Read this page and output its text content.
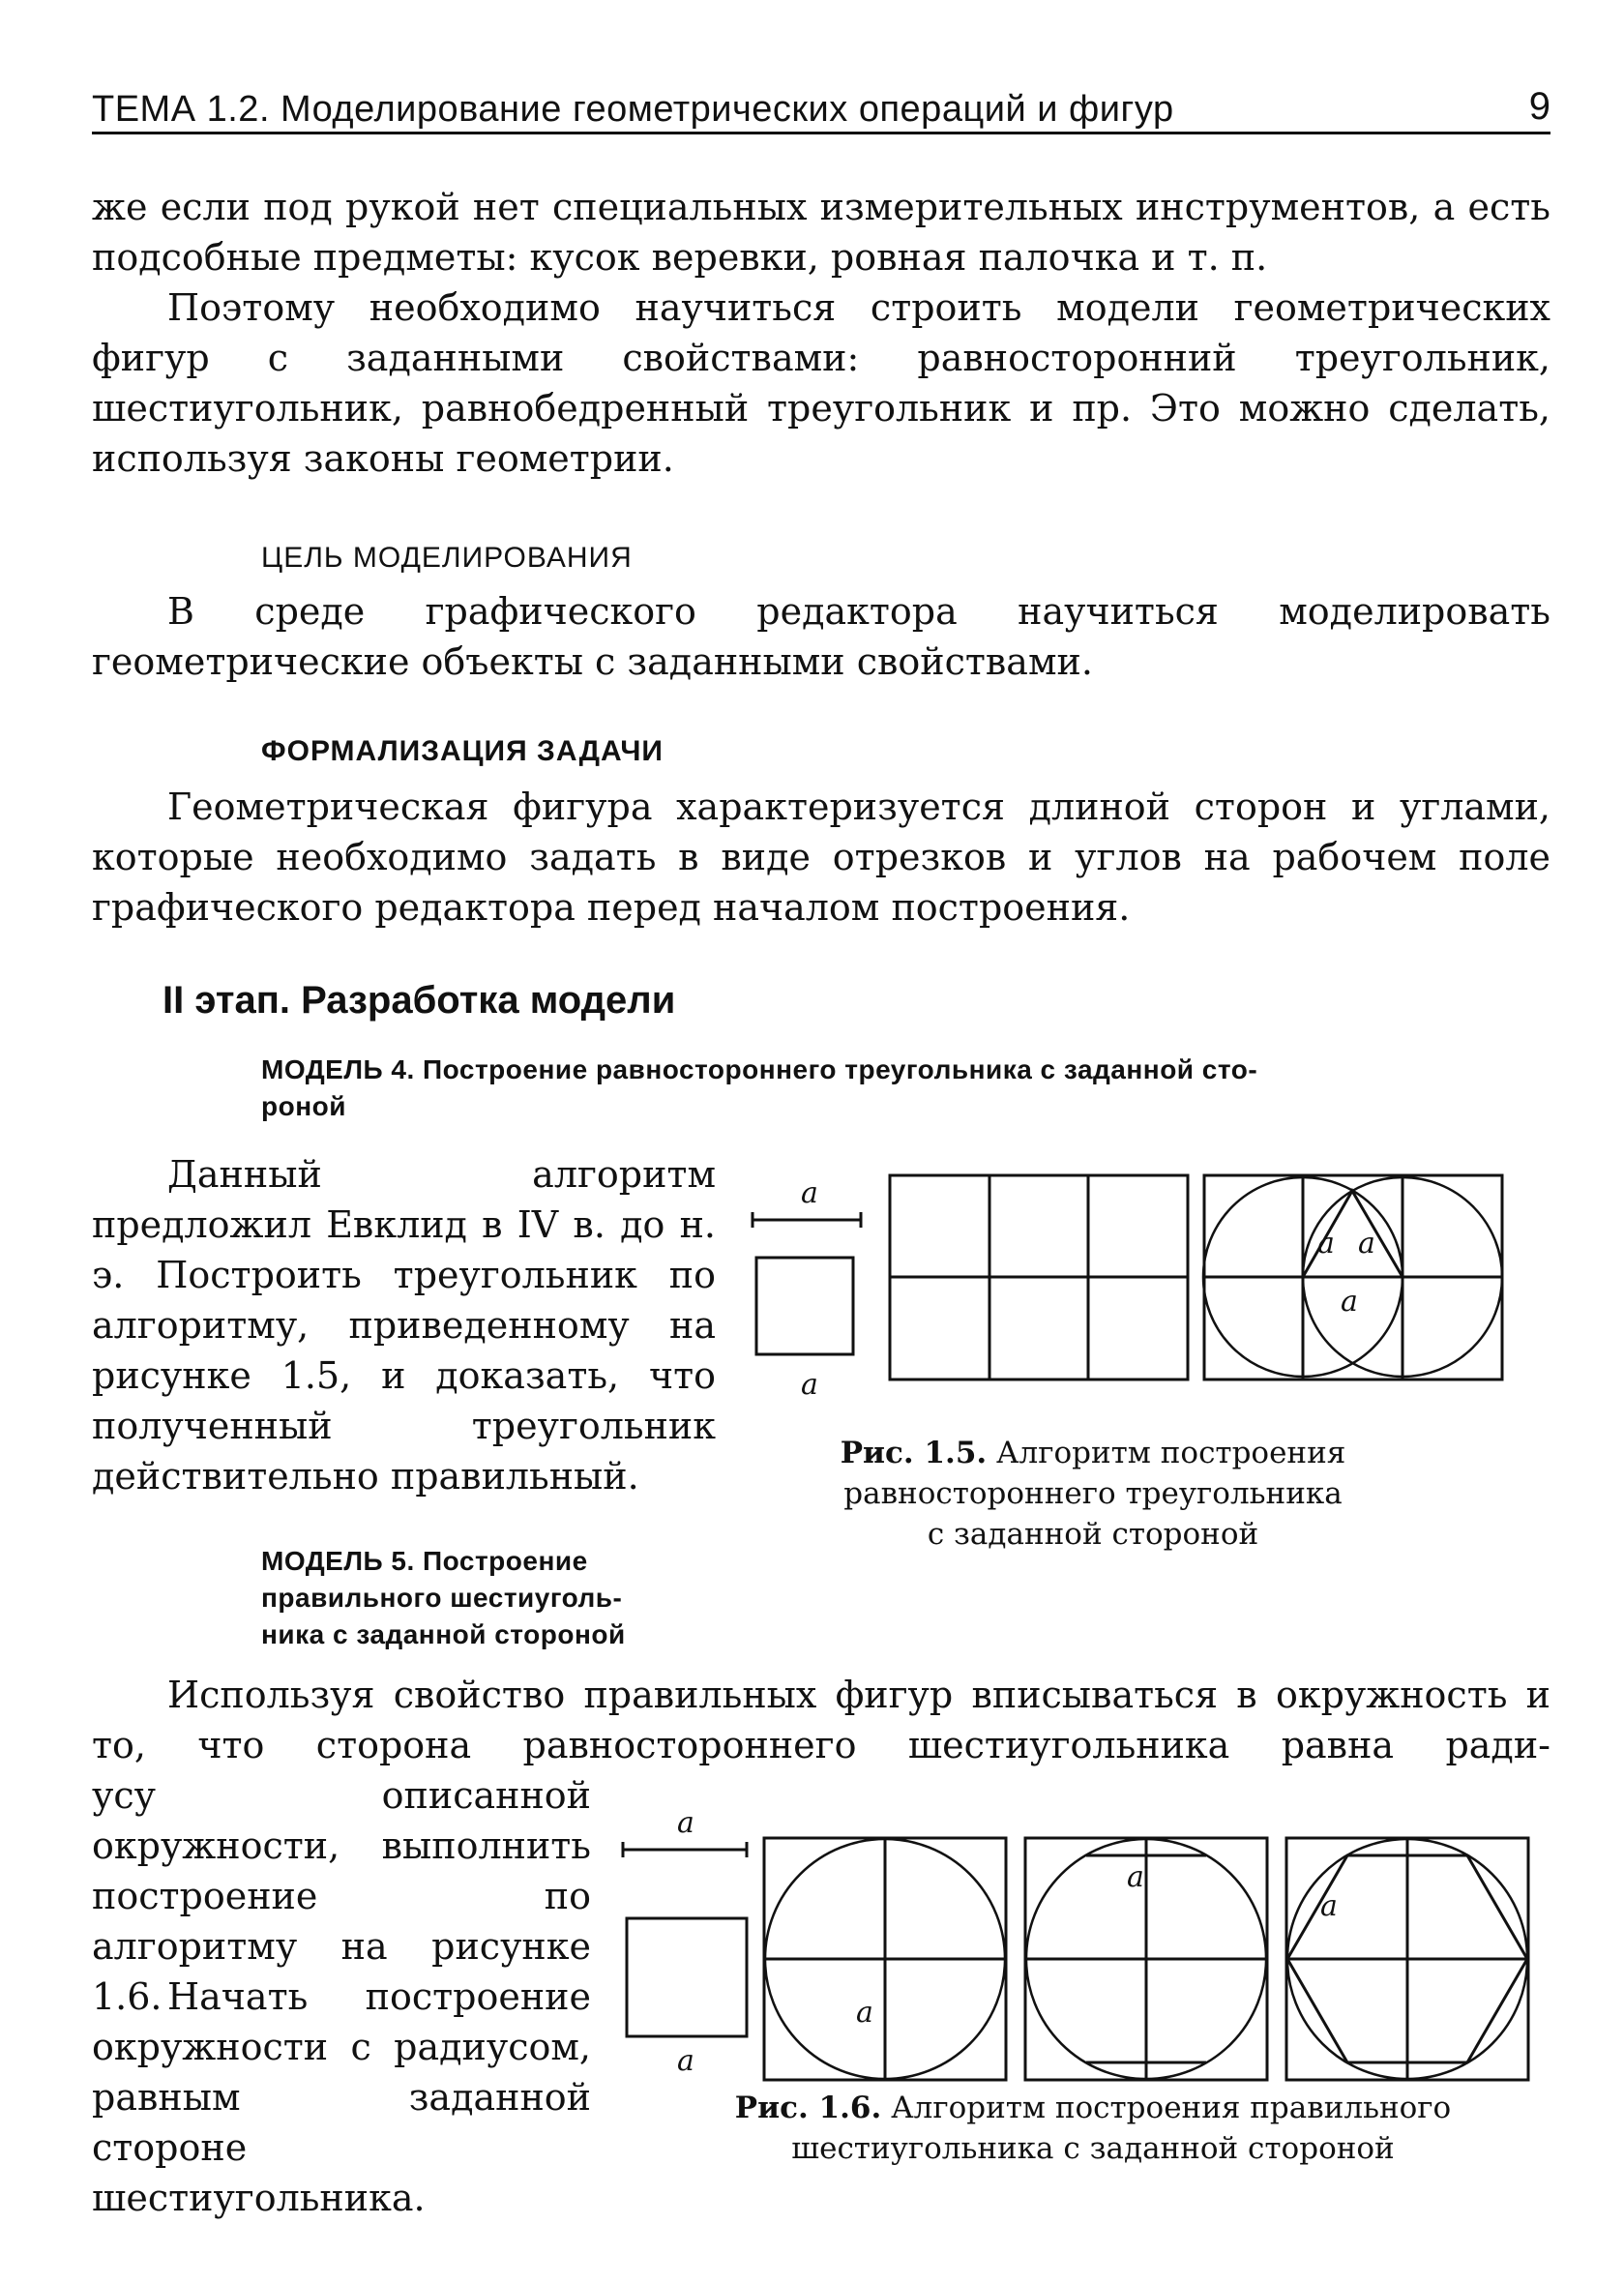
ТЕМА 1.2. Моделирование геометрических операций и фигур	9

же если под рукой нет специальных измерительных инструментов, а есть подсобные предметы: кусок веревки, ровная палочка и т. п.

Поэтому необходимо научиться строить модели геометрических фигур с заданными свойствами: равносторонний треугольник, шестиугольник, равнобедренный треугольник и пр. Это можно сделать, используя законы геометрии.

ЦЕЛЬ МОДЕЛИРОВАНИЯ

В среде графического редактора научиться моделировать геометрические объекты с заданными свойствами.

ФОРМАЛИЗАЦИЯ ЗАДАЧИ

Геометрическая фигура характеризуется длиной сторон и углами, которые необходимо задать в виде отрезков и углов на рабочем поле графического редактора перед началом построения.

II этап. Разработка модели
МОДЕЛЬ 4. Построение равностороннего треугольника с заданной сто-
роной

Данный алгоритм предложил Евклид в IV в. до н. э. Построить треугольник по алгоритму, приведенному на рисунке 1.5, и доказать, что полученный треугольник действительно правильный.

a
a
a a
a
Рис. 1.5. Алгоритм построения
равностороннего треугольника
с заданной стороной
МОДЕЛЬ 5. Построение
правильного шестиуголь-
ника с заданной стороной

Используя свойство правильных фигур вписываться в окружность и то, что сторона равностороннего шестиугольника равна ради-

усу описанной окружности, выполнить построение по алгоритму на рисунке 1.6. Начать построение окружности с радиусом, равным заданной стороне шестиугольника.

a
a
a
a
a
Рис. 1.6. Алгоритм построения правильного
шестиугольника с заданной стороной
